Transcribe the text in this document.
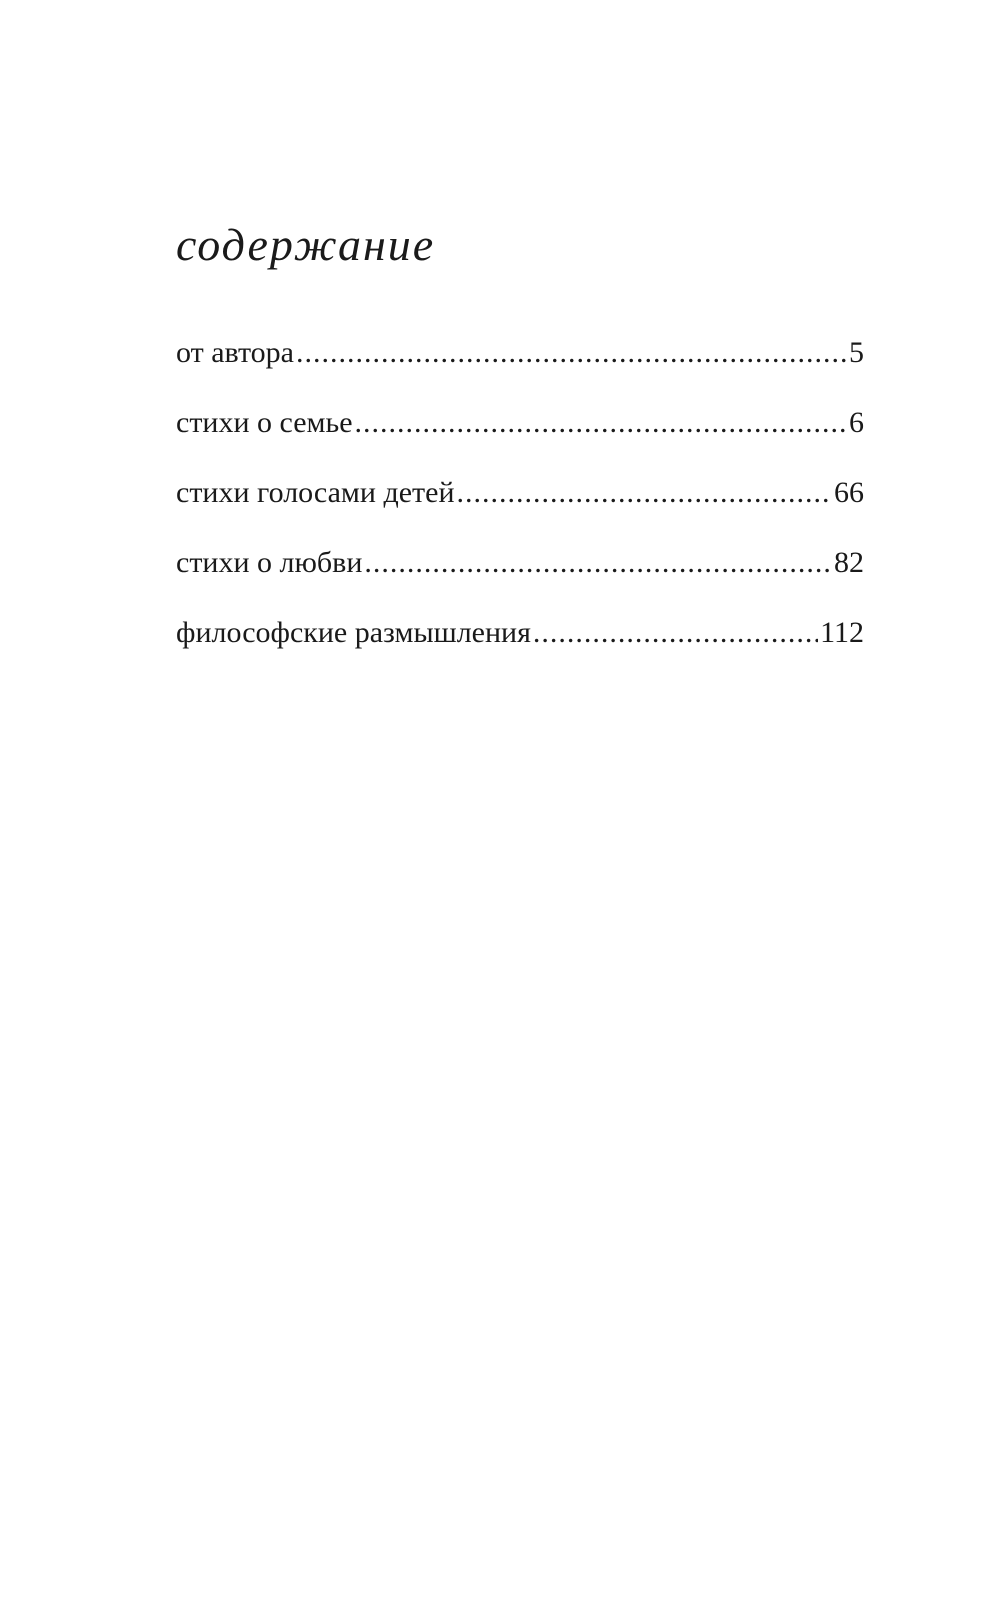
содержание
от автора .....	5
стихи о семье .....	6
стихи голосами детей .....	66
стихи о любви .....	82
философские размышления .....	112
